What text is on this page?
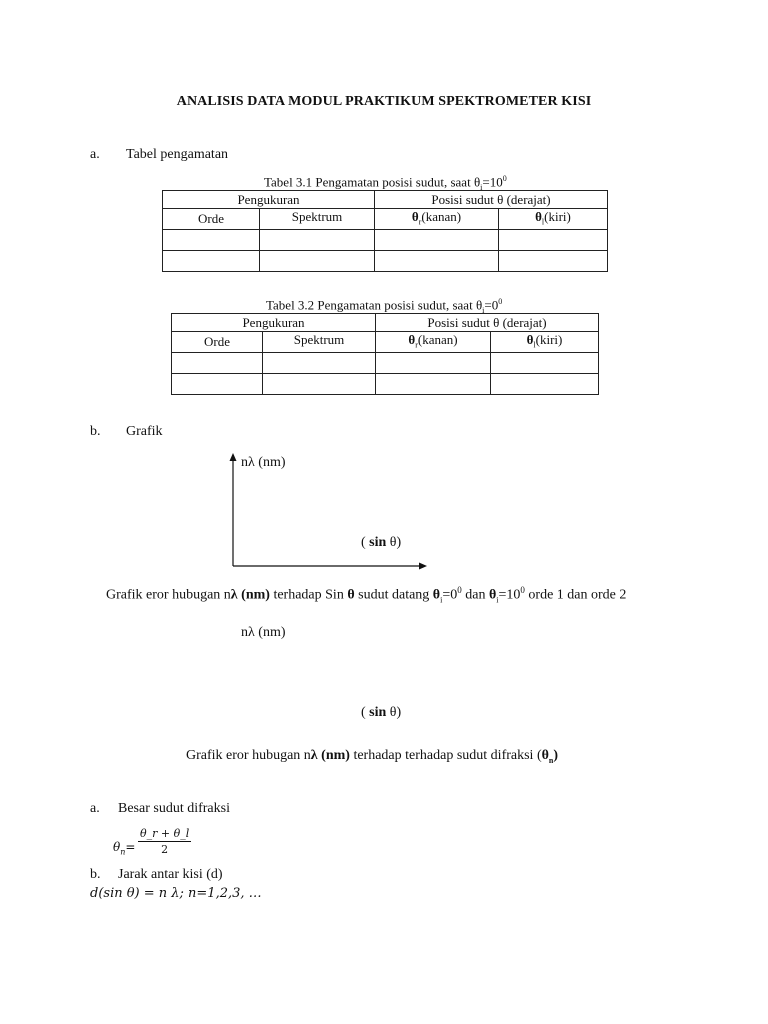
ANALISIS DATA MODUL PRAKTIKUM SPEKTROMETER KISI
a. Tabel pengamatan
Tabel 3.1 Pengamatan posisi sudut, saat $\theta_i=10^0$
Pengukuran		Posisi sudut θ (derajat)	
Orde	Spektrum	$\theta_r(kanan)$	$\theta_l(kiri)$

Tabel 3.2 Pengamatan posisi sudut, saat $\theta_i=0^0$
Pengukuran		Posisi sudut θ (derajat)	
Orde	Spektrum	$\theta_r(kanan)$	$\theta_l(kiri)$

b. Grafik
nλ (nm)
( sin θ)
Grafik eror hubugan nλ (nm) terhadap Sin θ sudut datang $\theta_i=0^0$ dan $\theta_i=10^0$ orde 1 dan orde 2
nλ (nm)
( sin θ)
Grafik eror hubugan nλ (nm) terhadap terhadap sudut difraksi $(\theta_n)$
a. Besar sudut difraksi
$\theta_n= \frac{\theta\_r + \theta\_l}{2}$
b. Jarak antar kisi (d)
d(sin θ) = n λ; n=1,2,3, …
